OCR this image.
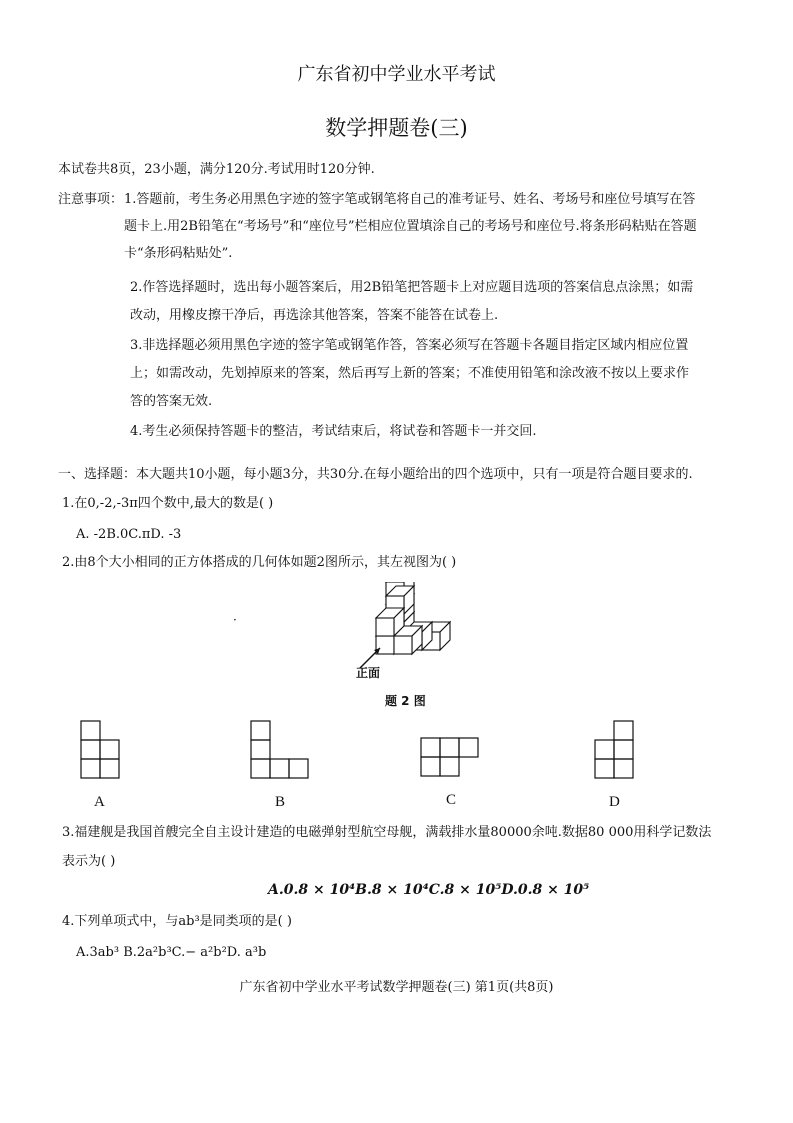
广东省初中学业水平考试
数学押题卷(三)
本试卷共8页，23小题，满分120分.考试用时120分钟.
注意事项： 1.答题前，考生务必用黑色字迹的签字笔或钢笔将自己的准考证号、姓名、考场号和座位号填写在答
题卡上.用2B铅笔在“考场号”和“座位号”栏相应位置填涂自己的考场号和座位号.将条形码粘贴在答题
卡“条形码粘贴处”.
2.作答选择题时，选出每小题答案后，用2B铅笔把答题卡上对应题目选项的答案信息点涂黑；如需
改动，用橡皮擦干净后，再选涂其他答案，答案不能答在试卷上.
3.非选择题必须用黑色字迹的签字笔或钢笔作答，答案必须写在答题卡各题目指定区域内相应位置
上；如需改动，先划掉原来的答案，然后再写上新的答案；不准使用铅笔和涂改液不按以上要求作
答的答案无效.
4.考生必须保持答题卡的整洁，考试结束后，将试卷和答题卡一并交回.
一、选择题：本大题共10小题，每小题3分，共30分.在每小题给出的四个选项中，只有一项是符合题目要求的.
1.在0,-2,-3π四个数中,最大的数是( )
A. -2B.0C.πD. -3
2.由8个大小相同的正方体搭成的几何体如题2图所示，其左视图为( )
·
正面
题 2 图
A	B	C	D
3.福建舰是我国首艘完全自主设计建造的电磁弹射型航空母舰，满载排水量80000余吨.数据80 000用科学记数法
表示为( )
A.0.8 × 10⁴B.8 × 10⁴C.8 × 10⁵D.0.8 × 10⁵
4.下列单项式中，与ab³是同类项的是( )
A.3ab³ B.2a²b³C.− a²b²D. a³b
广东省初中学业水平考试数学押题卷(三) 第1页(共8页)
